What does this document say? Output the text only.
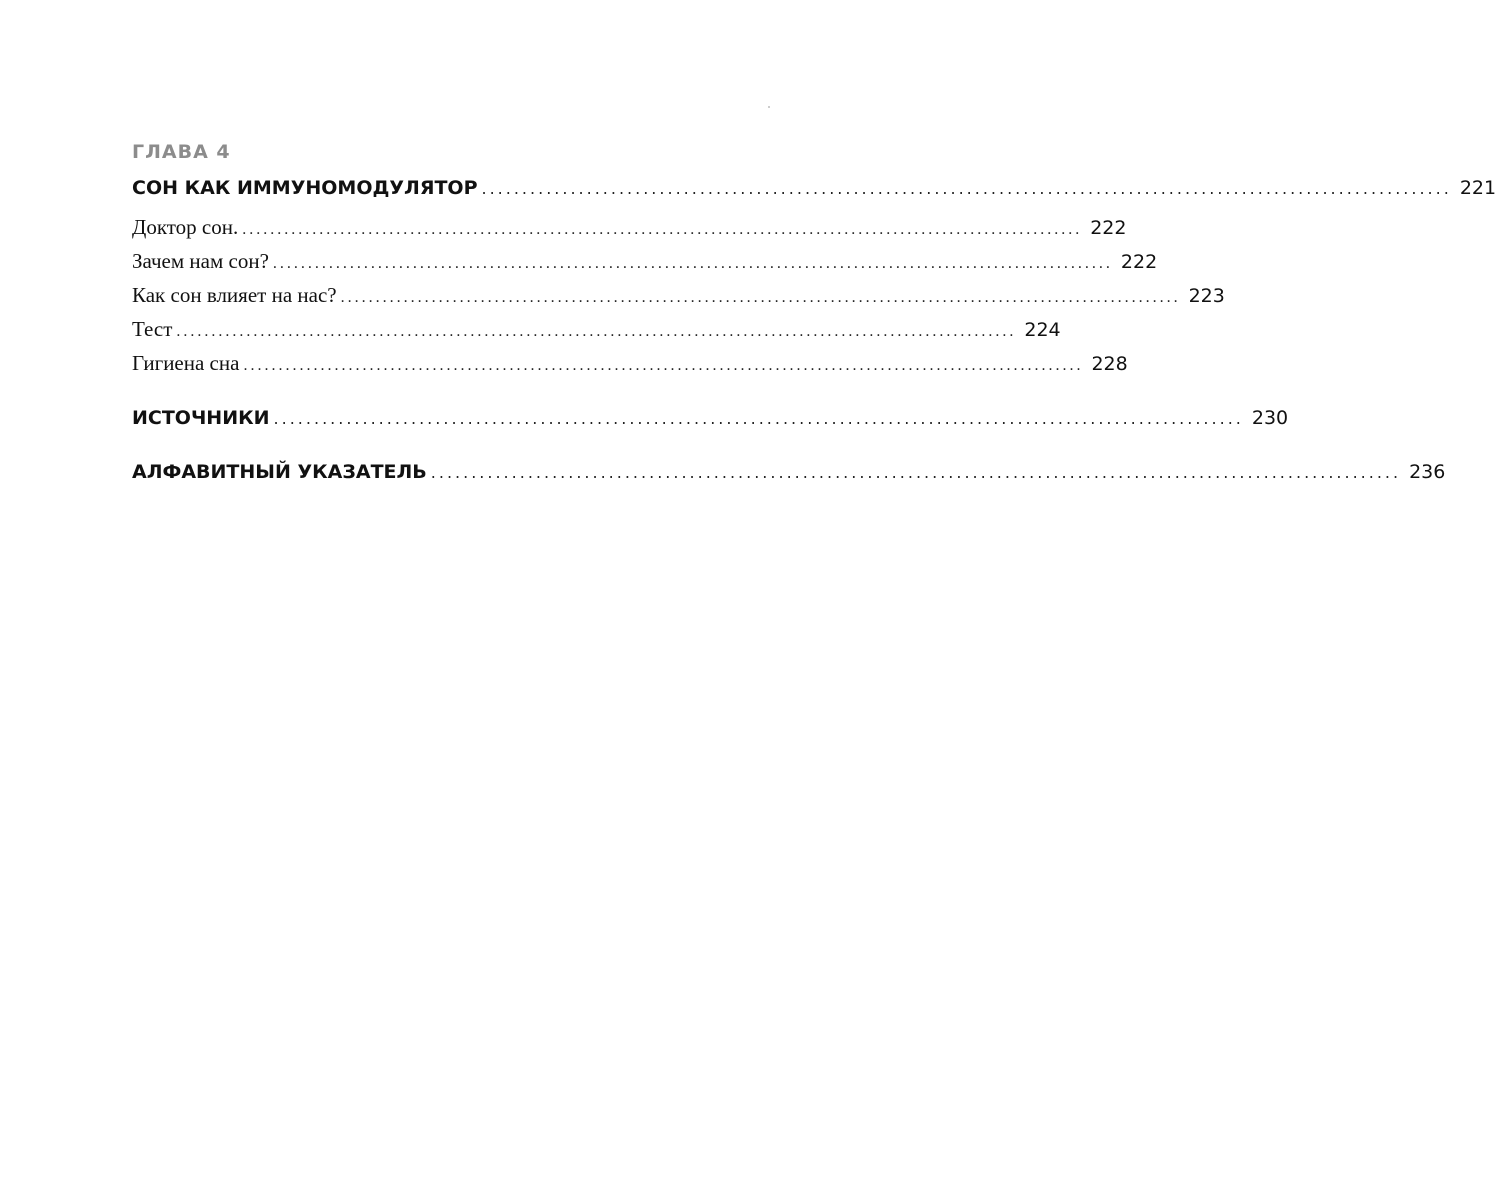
ГЛАВА 4
СОН КАК ИММУНОМОДУЛЯТОР ........................................................................................................................ 221
Доктор сон. ........................................................................................................................ 222
Зачем нам сон? ........................................................................................................................ 222
Как сон влияет на нас? ........................................................................................................................ 223
Тест ........................................................................................................................ 224
Гигиена сна ........................................................................................................................ 228
ИСТОЧНИКИ ........................................................................................................................ 230
АЛФАВИТНЫЙ УКАЗАТЕЛЬ ........................................................................................................................ 236
